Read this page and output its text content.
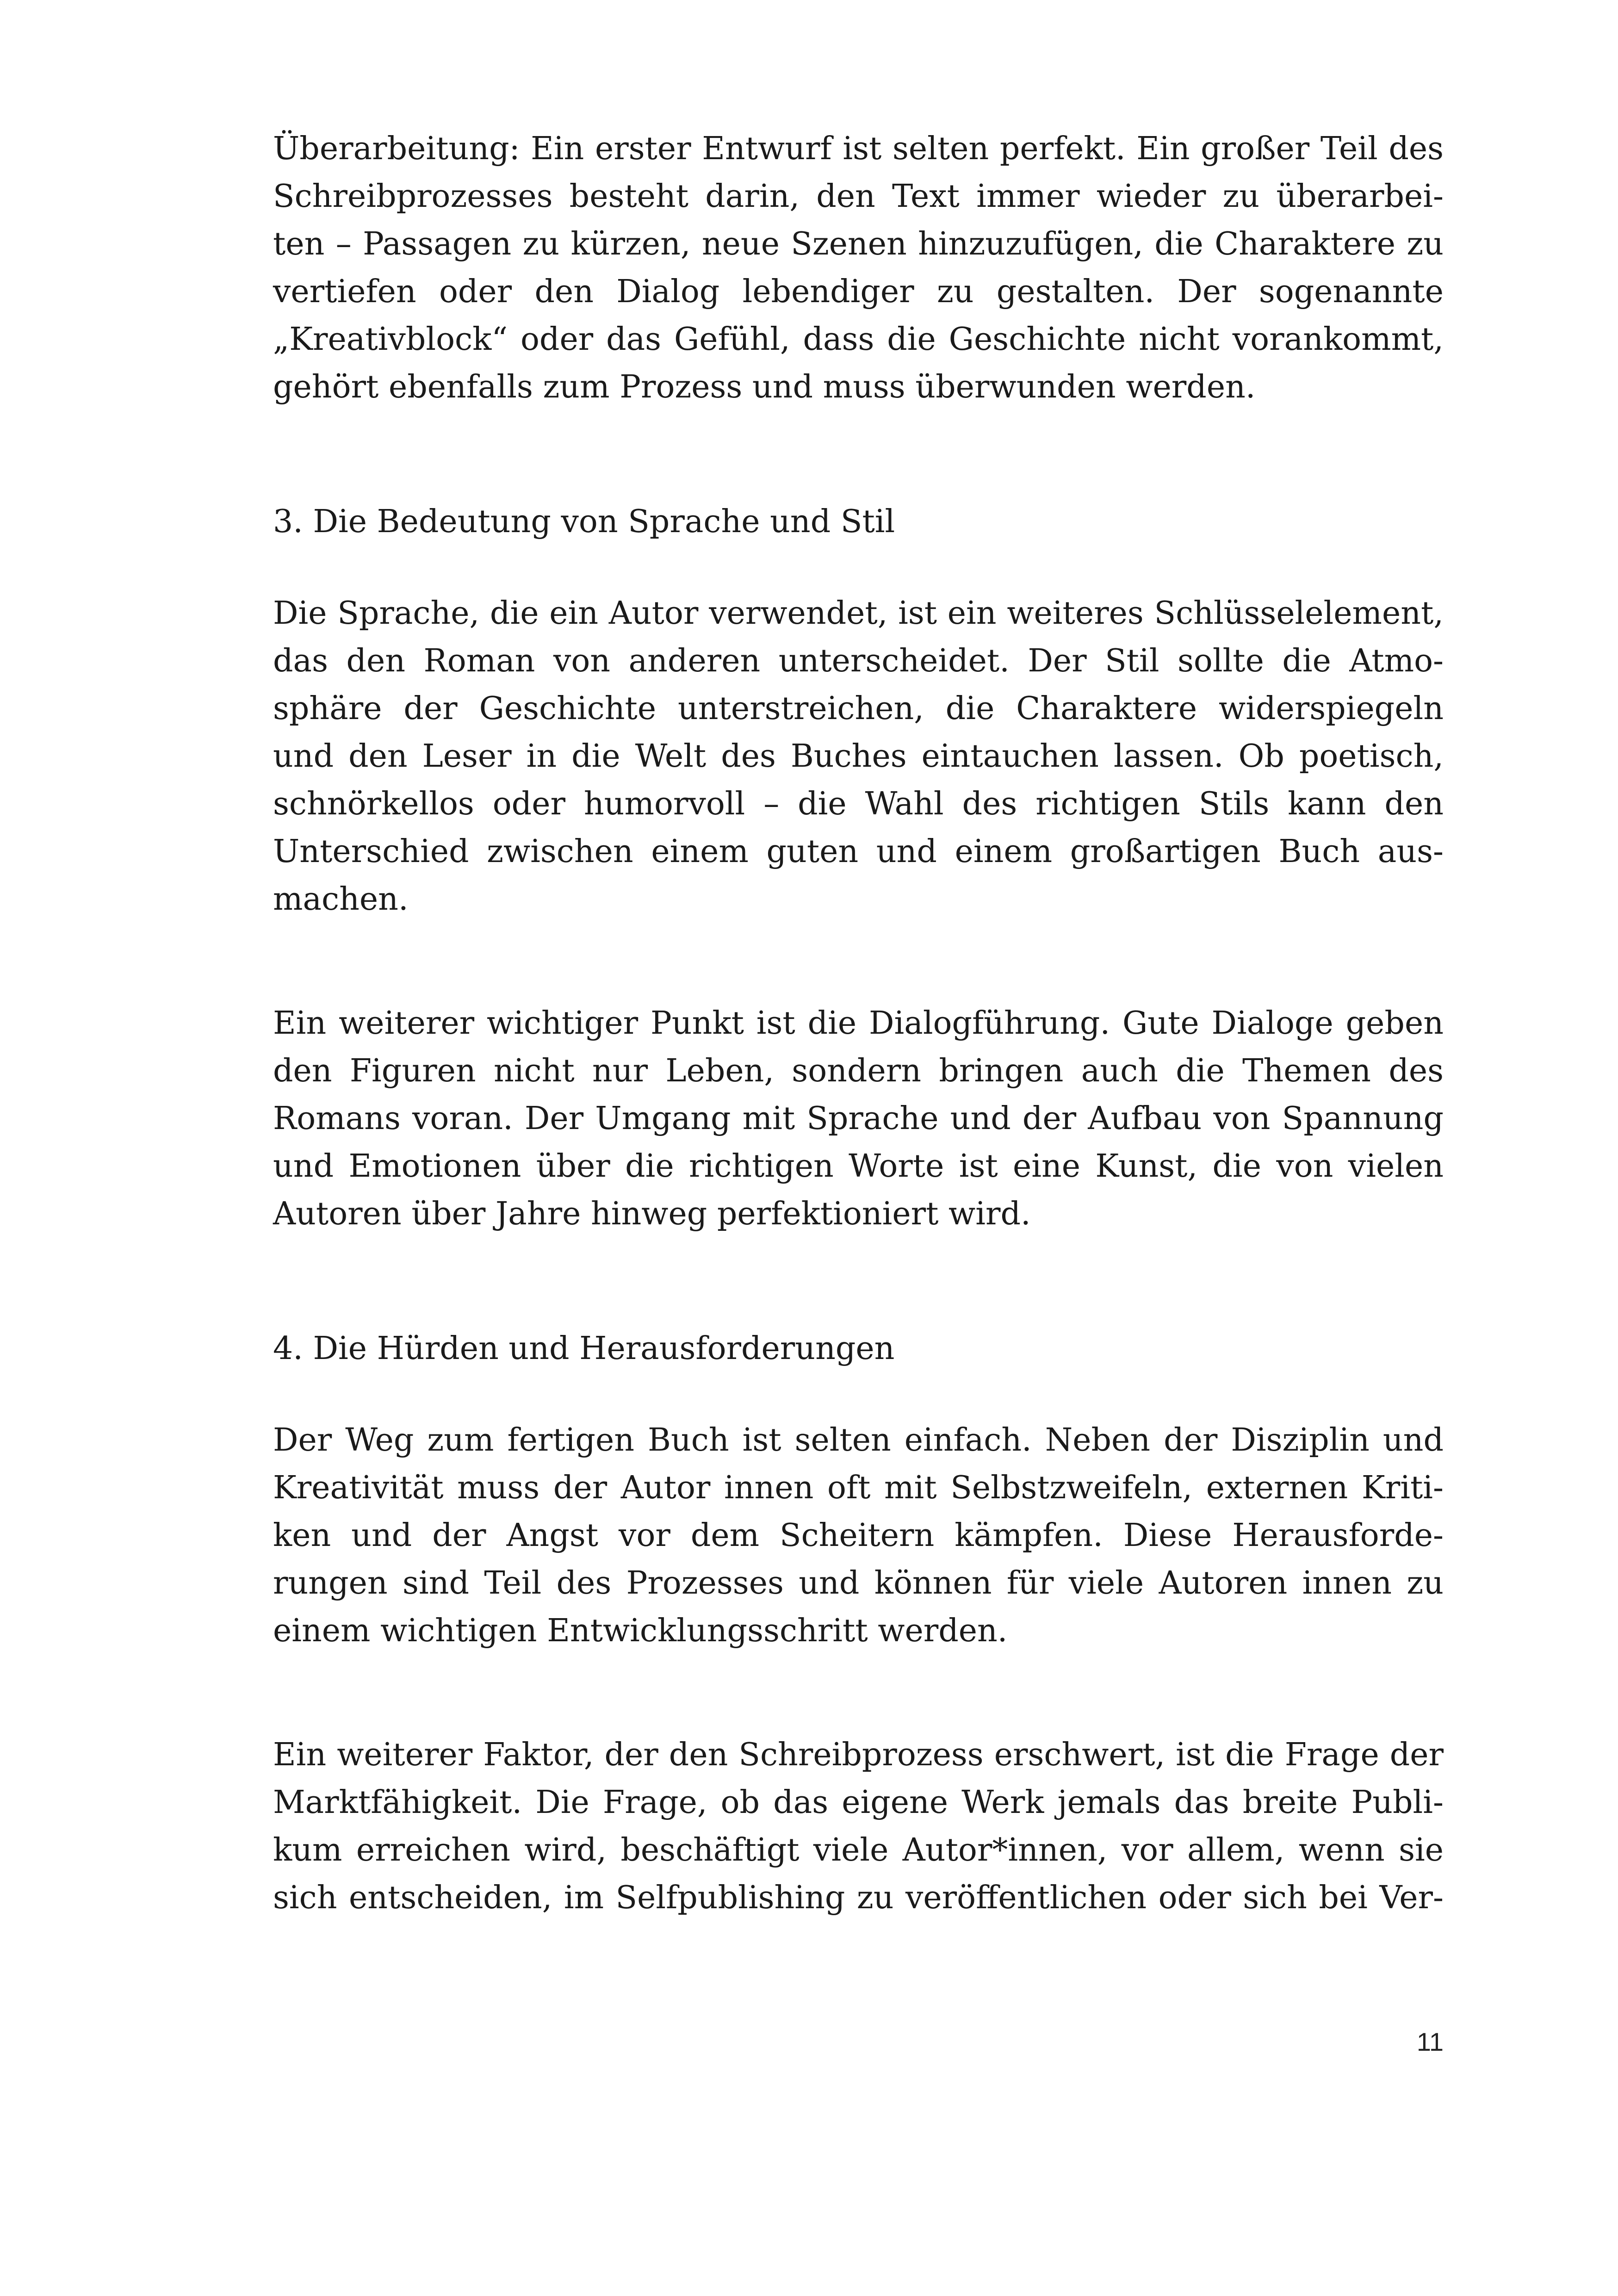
Überarbeitung: Ein erster Entwurf ist selten perfekt. Ein großer Teil des
Schreibprozesses besteht darin, den Text immer wieder zu überarbei-
ten – Passagen zu kürzen, neue Szenen hinzuzufügen, die Charaktere zu
vertiefen oder den Dialog lebendiger zu gestalten. Der sogenannte
„Kreativblock“ oder das Gefühl, dass die Geschichte nicht vorankommt,
gehört ebenfalls zum Prozess und muss überwunden werden.
3. Die Bedeutung von Sprache und Stil
Die Sprache, die ein Autor verwendet, ist ein weiteres Schlüsselelement,
das den Roman von anderen unterscheidet. Der Stil sollte die Atmo-
sphäre der Geschichte unterstreichen, die Charaktere widerspiegeln
und den Leser in die Welt des Buches eintauchen lassen. Ob poetisch,
schnörkellos oder humorvoll – die Wahl des richtigen Stils kann den
Unterschied zwischen einem guten und einem großartigen Buch aus-
machen.
Ein weiterer wichtiger Punkt ist die Dialogführung. Gute Dialoge geben
den Figuren nicht nur Leben, sondern bringen auch die Themen des
Romans voran. Der Umgang mit Sprache und der Aufbau von Spannung
und Emotionen über die richtigen Worte ist eine Kunst, die von vielen
Autoren über Jahre hinweg perfektioniert wird.
4. Die Hürden und Herausforderungen
Der Weg zum fertigen Buch ist selten einfach. Neben der Disziplin und
Kreativität muss der Autor innen oft mit Selbstzweifeln, externen Kriti-
ken und der Angst vor dem Scheitern kämpfen. Diese Herausforde-
rungen sind Teil des Prozesses und können für viele Autoren innen zu
einem wichtigen Entwicklungsschritt werden.
Ein weiterer Faktor, der den Schreibprozess erschwert, ist die Frage der
Marktfähigkeit. Die Frage, ob das eigene Werk jemals das breite Publi-
kum erreichen wird, beschäftigt viele Autor*innen, vor allem, wenn sie
sich entscheiden, im Selfpublishing zu veröffentlichen oder sich bei Ver-
11
